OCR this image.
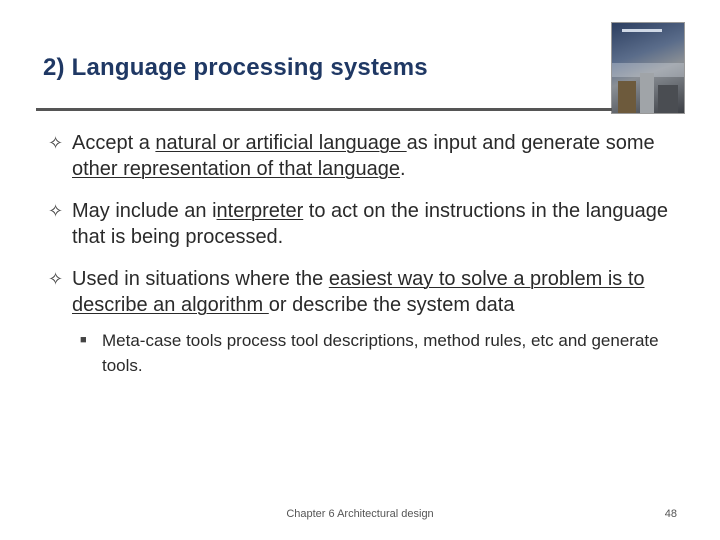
2) Language processing systems
✧ Accept a natural or artificial language as input and generate some other representation of that language.
✧ May include an interpreter to act on the instructions in the language that is being processed.
✧ Used in situations where the easiest way to solve a problem is to describe an algorithm or describe the system data
■ Meta-case tools process tool descriptions, method rules, etc and generate tools.
Chapter 6 Architectural design	48
